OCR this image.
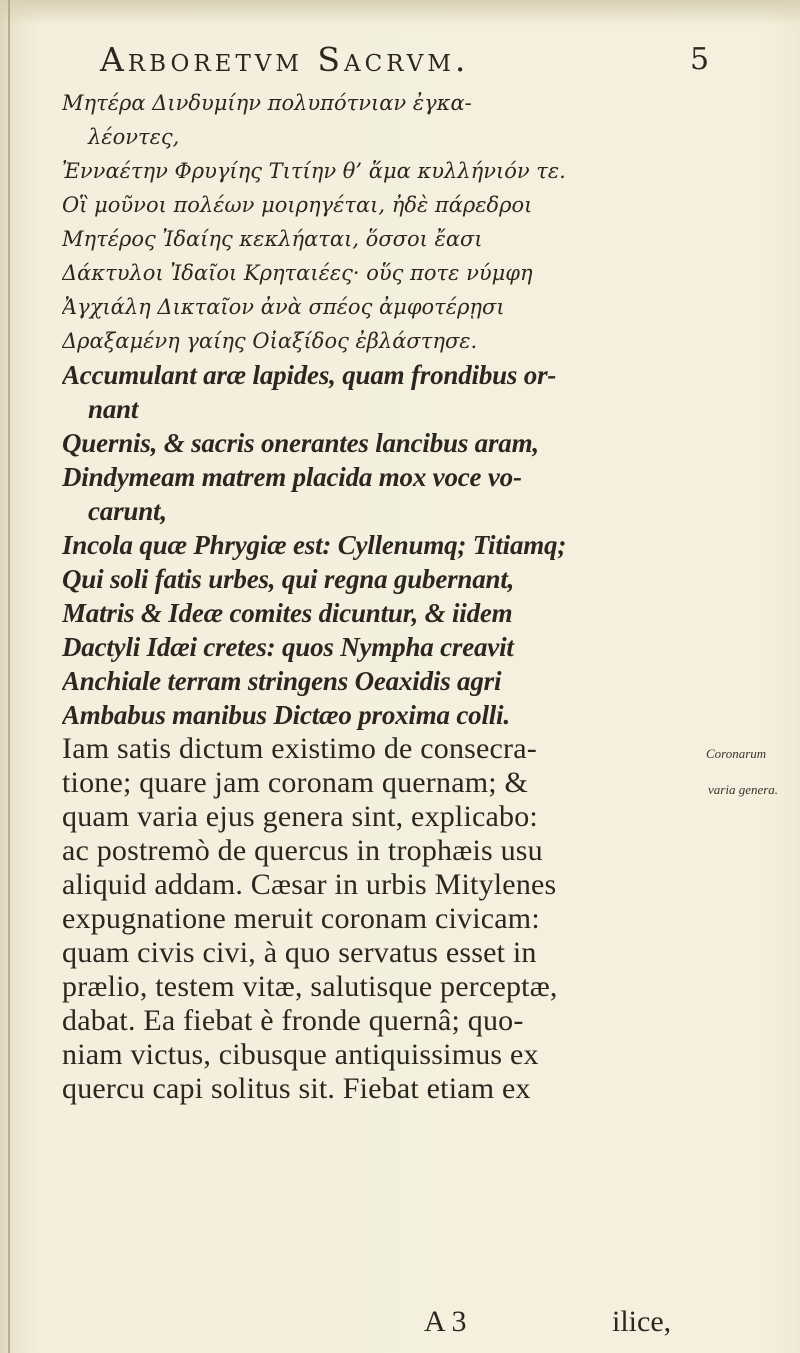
Arboretvm Sacrvm.	5
Μητέρα Δινδυμίην πολυπότνιαν ἐγκα-
λέοντες,
Ἐνναέτην Φρυγίης Τιτίην θ’ ἅμα κυλλήνιόν τε.
Οἳ μοῦνοι πολέων μοιρηγέται, ἠδὲ πάρεδροι
Μητέρος Ἰδαίης κεκλήαται, ὅσσοι ἔασι
Δάκτυλοι Ἰδαῖοι Κρηταιέες· οὕς ποτε νύμφη
Ἀγχιάλη Δικταῖον ἀνὰ σπέος ἀμφοτέρῃσι
Δραξαμένη γαίης Οἰαξίδος ἐβλάστησε.
Accumulant aræ lapides, quam frondibus or-
nant
Quernis, & sacris onerantes lancibus aram,
Dindymeam matrem placida mox voce vo-
carunt,
Incola quæ Phrygiæ est: Cyllenumq; Titiamq;
Qui soli fatis urbes, qui regna gubernant,
Matris & Ideæ comites dicuntur, & iidem
Dactyli Idæi cretes: quos Nympha creavit
Anchiale terram stringens Oeaxidis agri
Ambabus manibus Dictæo proxima colli.
Iam satis dictum existimo de consecra-
tione; quare jam coronam quernam; &
quam varia ejus genera sint, explicabo:
ac postremò de quercus in trophæis usu
aliquid addam. Cæsar in urbis Mitylenes
expugnatione meruit coronam civicam:
quam civis civi, à quo servatus esset in
prælio, testem vitæ, salutisque perceptæ,
dabat. Ea fiebat è fronde quernâ; quo-
niam victus, cibusque antiquissimus ex
quercu capi solitus sit. Fiebat etiam ex
Coronarum
varia genera.
A 3	ilice,
